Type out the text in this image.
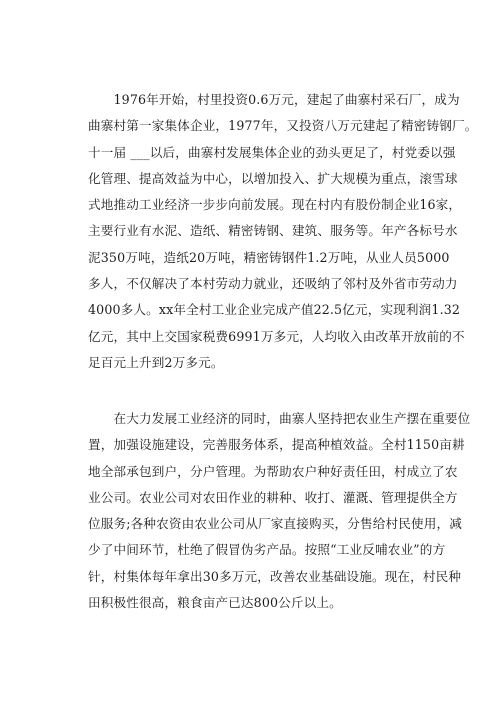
　　1976年开始，村里投资0.6万元，建起了曲寨村采石厂，成为
曲寨村第一家集体企业，1977年，又投资八万元建起了精密铸钢厂。
十一届 ___以后，曲寨村发展集体企业的劲头更足了，村党委以强
化管理、提高效益为中心，以增加投入、扩大规模为重点，滚雪球
式地推动工业经济一步步向前发展。现在村内有股份制企业16家，
主要行业有水泥、造纸、精密铸钢、建筑、服务等。年产各标号水
泥350万吨，造纸20万吨，精密铸钢件1.2万吨，从业人员5000
多人，不仅解决了本村劳动力就业，还吸纳了邻村及外省市劳动力
4000多人。xx年全村工业企业完成产值22.5亿元，实现利润1.32
亿元，其中上交国家税费6991万多元，人均收入由改革开放前的不
足百元上升到2万多元。

　　在大力发展工业经济的同时，曲寨人坚持把农业生产摆在重要位
置，加强设施建设，完善服务体系，提高种植效益。全村1150亩耕
地全部承包到户，分户管理。为帮助农户种好责任田，村成立了农
业公司。农业公司对农田作业的耕种、收打、灌溉、管理提供全方
位服务;各种农资由农业公司从厂家直接购买，分售给村民使用，减
少了中间环节，杜绝了假冒伪劣产品。按照“工业反哺农业”的方
针，村集体每年拿出30多万元，改善农业基础设施。现在，村民种
田积极性很高，粮食亩产已达800公斤以上。
